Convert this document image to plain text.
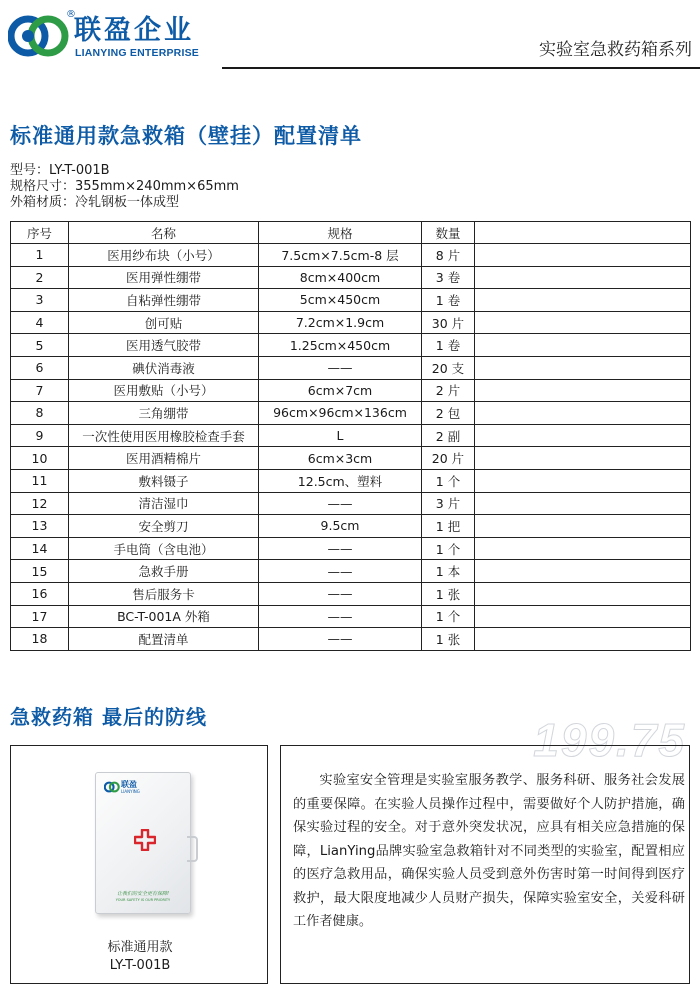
®
联盈企业
LIANYING ENTERPRISE	实验室急救药箱系列
标准通用款急救箱（壁挂）配置清单
型号：LY-T-001B
规格尺寸：355mm×240mm×65mm
外箱材质：冷轧钢板一体成型
序号	名称	规格	数量	
1	医用纱布块（小号）	7.5cm×7.5cm-8 层	8 片	
2	医用弹性绷带	8cm×400cm	3 卷	
3	自粘弹性绷带	5cm×450cm	1 卷	
4	创可贴	7.2cm×1.9cm	30 片	
5	医用透气胶带	1.25cm×450cm	1 卷	
6	碘伏消毒液	——	20 支	
7	医用敷贴（小号）	6cm×7cm	2 片	
8	三角绷带	96cm×96cm×136cm	2 包	
9	一次性使用医用橡胶检查手套	L	2 副	
10	医用酒精棉片	6cm×3cm	20 片	
11	敷料镊子	12.5cm、塑料	1 个	
12	清洁湿巾	——	3 片	
13	安全剪刀	9.5cm	1 把	
14	手电筒（含电池）	——	1 个	
15	急救手册	——	1 本	
16	售后服务卡	——	1 张	
17	BC-T-001A 外箱	——	1 个	
18	配置清单	——	1 张	
急救药箱 最后的防线	199.75
联盈
LIANYING
让我们的安全更有保障!
YOUR SAFETY IS OUR PRIORITY
标准通用款
LY-T-001B
实验室安全管理是实验室服务教学、服务科研、服务社会发展的重要保障。在实验人员操作过程中，需要做好个人防护措施，确保实验过程的安全。对于意外突发状况，应具有相关应急措施的保障，LianYing品牌实验室急救箱针对不同类型的实验室，配置相应的医疗急救用品，确保实验人员受到意外伤害时第一时间得到医疗救护，最大限度地减少人员财产损失，保障实验室安全，关爱科研工作者健康。
